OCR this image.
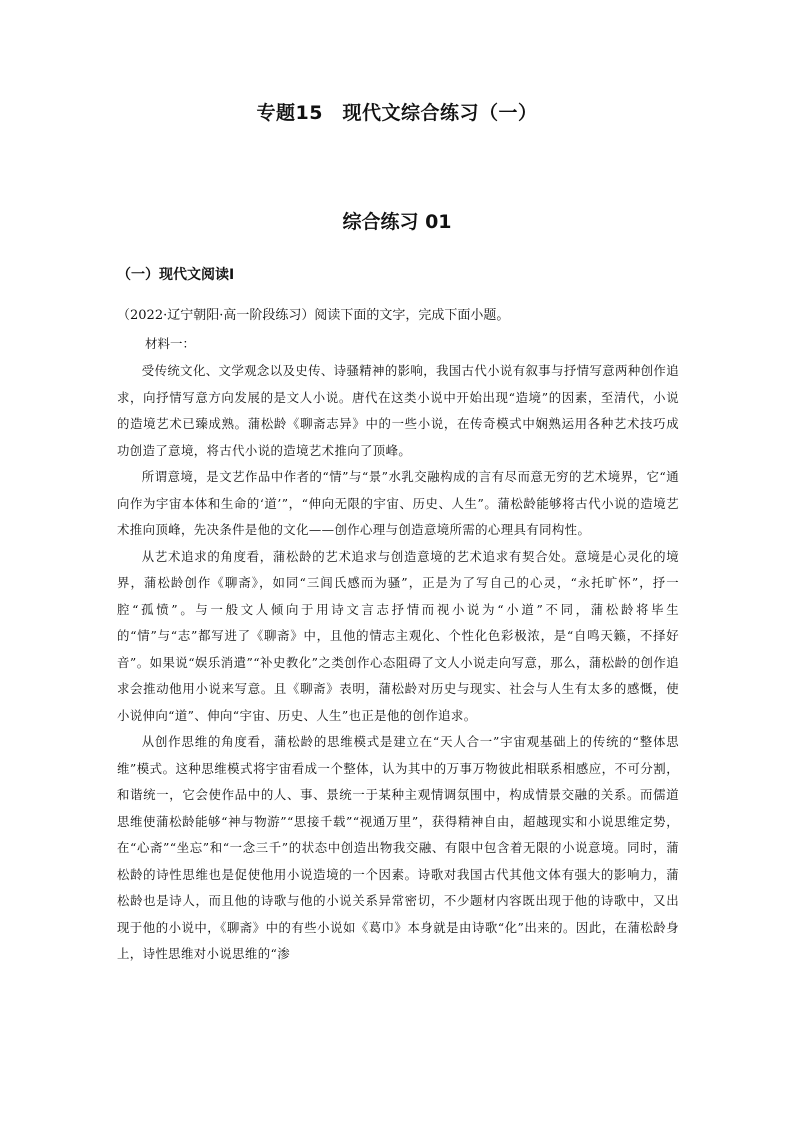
专题15　现代文综合练习（一）
综合练习 01
（一）现代文阅读Ⅰ
（2022·辽宁朝阳·高一阶段练习）阅读下面的文字，完成下面小题。
材料一：

受传统文化、文学观念以及史传、诗骚精神的影响，我国古代小说有叙事与抒情写意两种创作追求，向抒情写意方向发展的是文人小说。唐代在这类小说中开始出现“造境”的因素，至清代，小说的造境艺术已臻成熟。蒲松龄《聊斋志异》中的一些小说，在传奇模式中娴熟运用各种艺术技巧成功创造了意境，将古代小说的造境艺术推向了顶峰。

所谓意境，是文艺作品中作者的“情”与“景”水乳交融构成的言有尽而意无穷的艺术境界，它“通向作为宇宙本体和生命的‘道’”，“伸向无限的宇宙、历史、人生”。蒲松龄能够将古代小说的造境艺术推向顶峰，先决条件是他的文化——创作心理与创造意境所需的心理具有同构性。

从艺术追求的角度看，蒲松龄的艺术追求与创造意境的艺术追求有契合处。意境是心灵化的境界，蒲松龄创作《聊斋》，如同“三闾氏感而为骚”，正是为了写自己的心灵，“永托旷怀”，抒一腔“孤愤”。与一般文人倾向于用诗文言志抒情而视小说为“小道”不同，蒲松龄将毕生的“情”与“志”都写进了《聊斋》中，且他的情志主观化、个性化色彩极浓，是“自鸣天籁，不择好音”。如果说“娱乐消遣”“补史教化”之类创作心态阻碍了文人小说走向写意，那么，蒲松龄的创作追求会推动他用小说来写意。且《聊斋》表明，蒲松龄对历史与现实、社会与人生有太多的感慨，使小说伸向“道”、伸向“宇宙、历史、人生”也正是他的创作追求。

从创作思维的角度看，蒲松龄的思维模式是建立在“天人合一”宇宙观基础上的传统的“整体思维”模式。这种思维模式将宇宙看成一个整体，认为其中的万事万物彼此相联系相感应，不可分割，和谐统一，它会使作品中的人、事、景统一于某种主观情调氛围中，构成情景交融的关系。而儒道思维使蒲松龄能够“神与物游”“思接千载”“视通万里”，获得精神自由，超越现实和小说思维定势，在“心斋”“坐忘”和“一念三千”的状态中创造出物我交融、有限中包含着无限的小说意境。同时，蒲松龄的诗性思维也是促使他用小说造境的一个因素。诗歌对我国古代其他文体有强大的影响力，蒲松龄也是诗人，而且他的诗歌与他的小说关系异常密切，不少题材内容既出现于他的诗歌中，又出现于他的小说中，《聊斋》中的有些小说如《葛巾》本身就是由诗歌“化”出来的。因此，在蒲松龄身上，诗性思维对小说思维的“渗
